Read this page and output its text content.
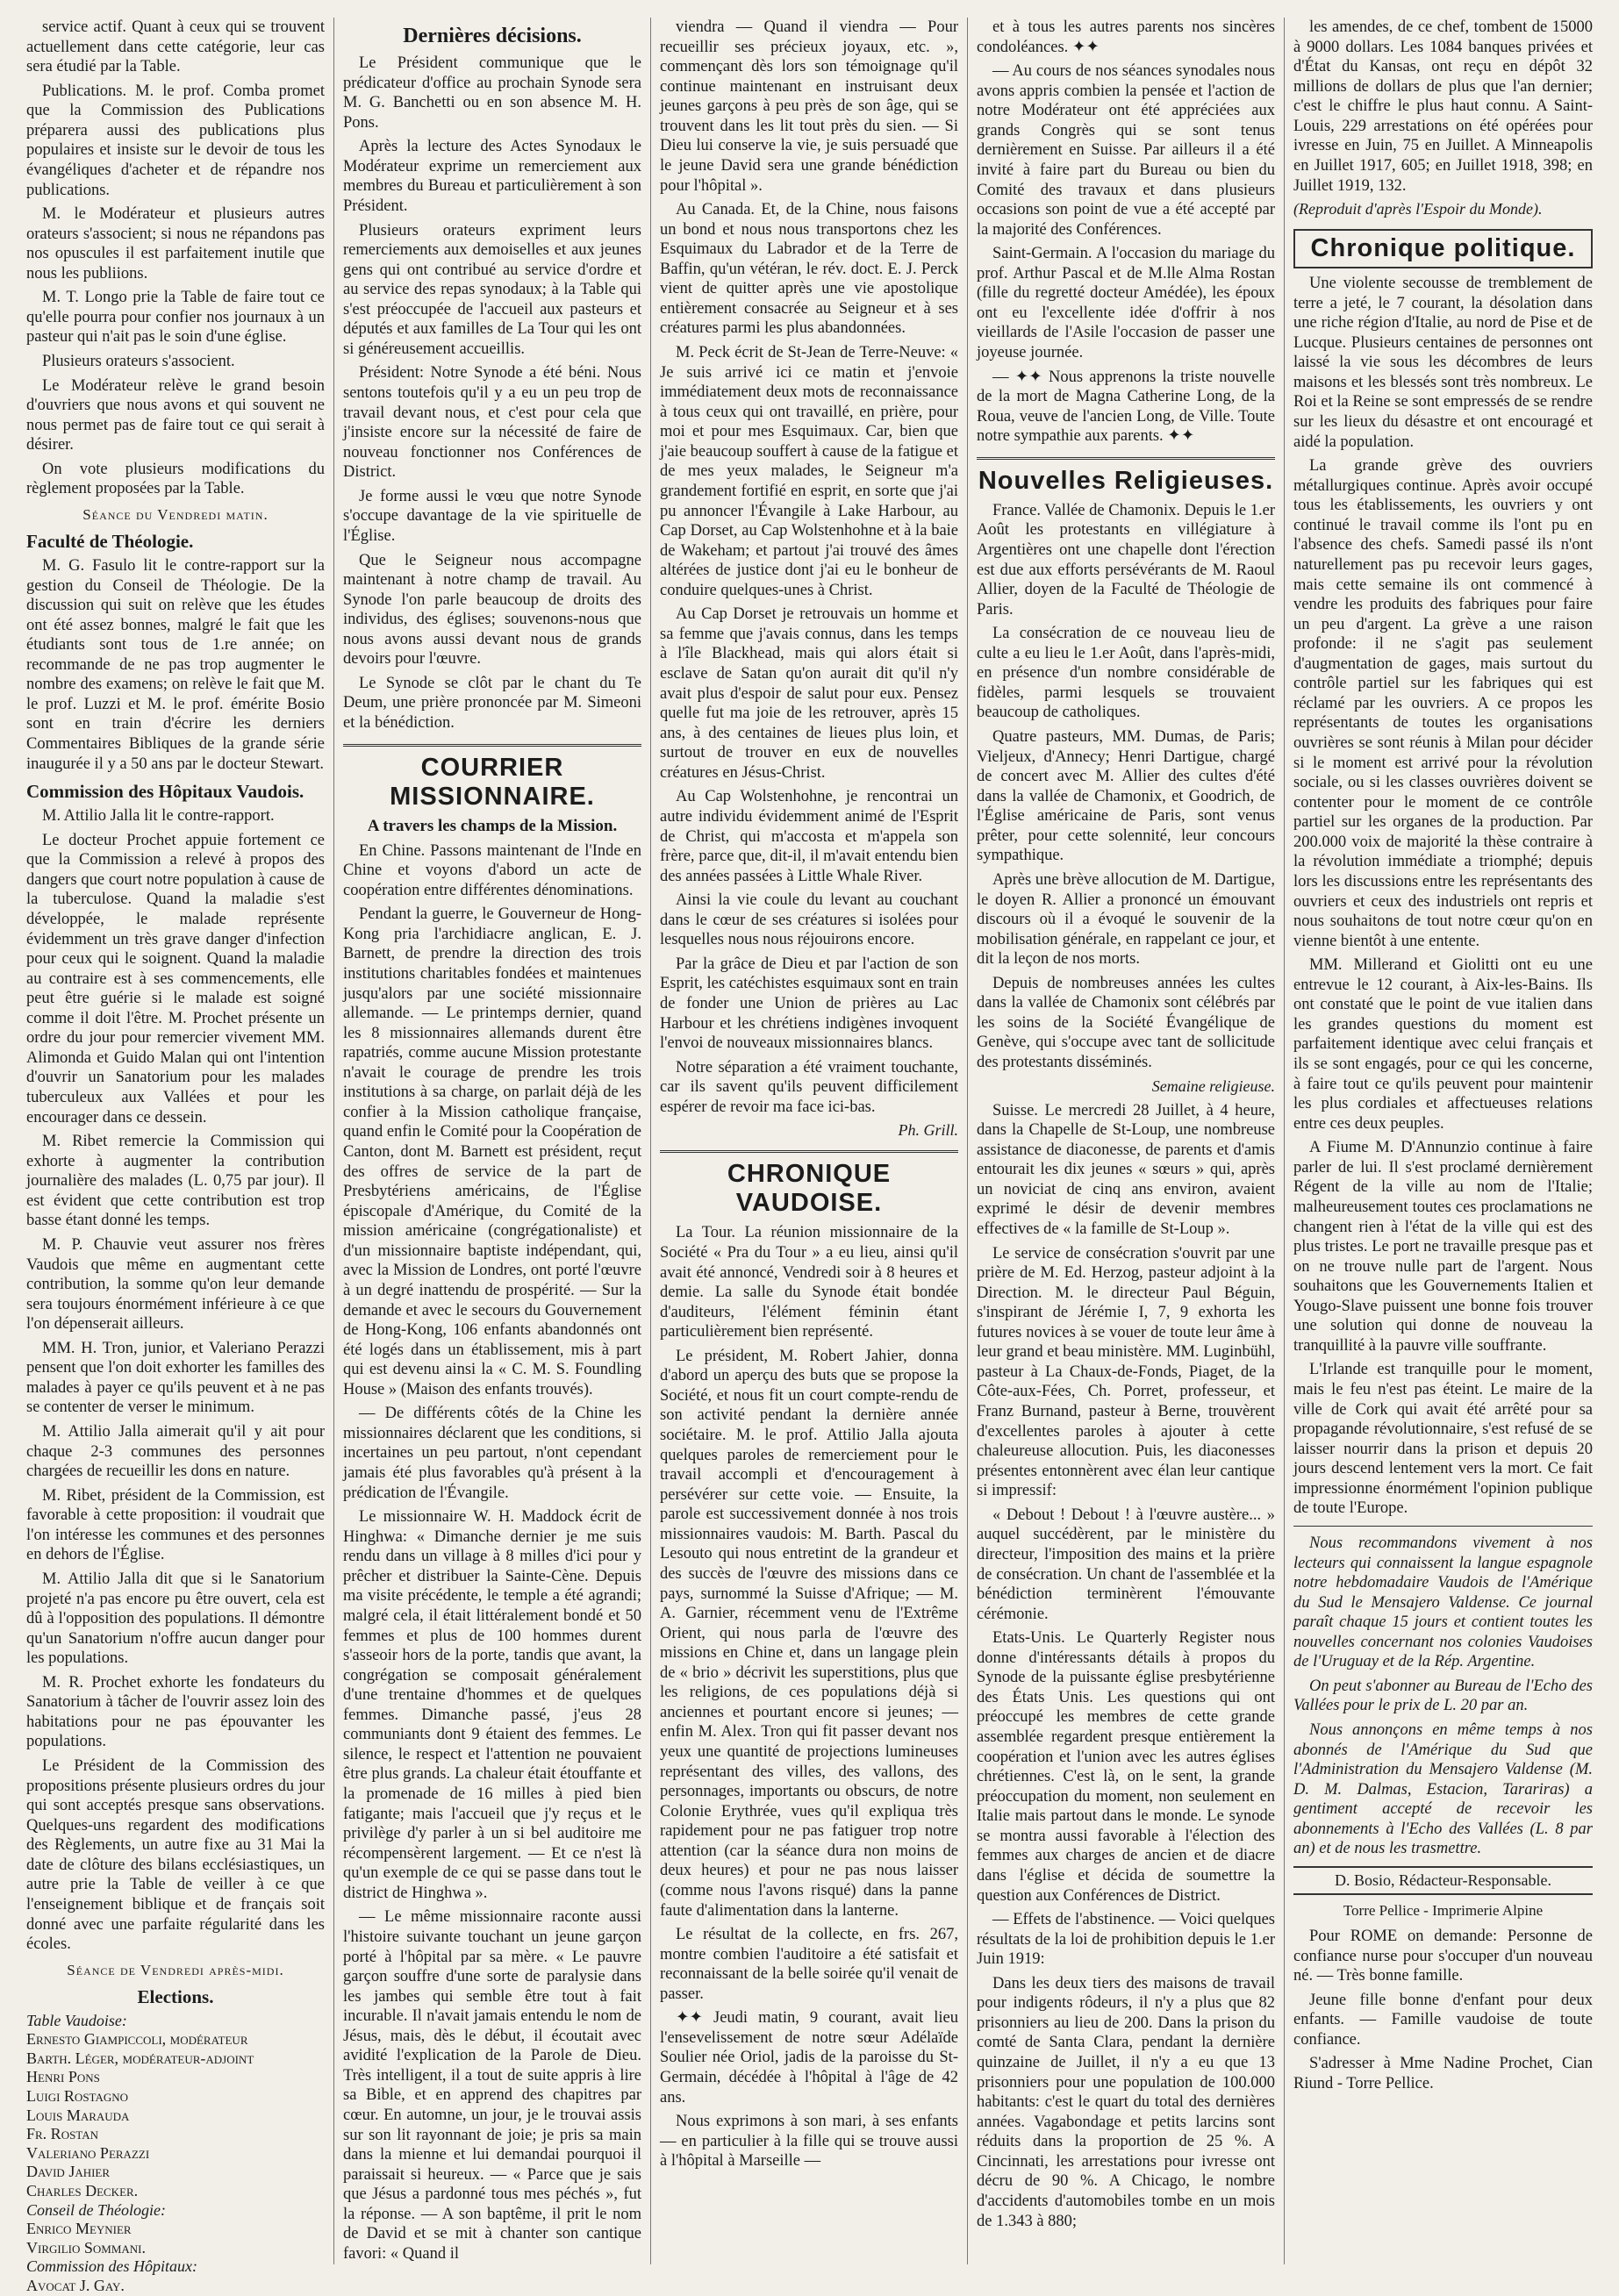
service actif. Quant à ceux qui se trouvent actuellement dans cette catégorie, leur cas sera étudié par la Table.

Publications. M. le prof. Comba promet que la Commission des Publications préparera aussi des publications plus populaires et insiste sur le devoir de tous les évangéliques d'acheter et de répandre nos publications.

M. le Modérateur et plusieurs autres orateurs s'associent; si nous ne répandons pas nos opuscules il est parfaitement inutile que nous les publiions.

M. T. Longo prie la Table de faire tout ce qu'elle pourra pour confier nos journaux à un pasteur qui n'ait pas le soin d'une église.

Plusieurs orateurs s'associent.

Le Modérateur relève le grand besoin d'ouvriers que nous avons et qui souvent ne nous permet pas de faire tout ce qui serait à désirer.

On vote plusieurs modifications du règlement proposées par la Table.

Séance du Vendredi matin.
Faculté de Théologie.

M. G. Fasulo lit le contre-rapport sur la gestion du Conseil de Théologie. De la discussion qui suit on relève que les études ont été assez bonnes, malgré le fait que les étudiants sont tous de 1.re année; on recommande de ne pas trop augmenter le nombre des examens; on relève le fait que M. le prof. Luzzi et M. le prof. émérite Bosio sont en train d'écrire les derniers Commentaires Bibliques de la grande série inaugurée il y a 50 ans par le docteur Stewart.

Commission des Hôpitaux Vaudois.

M. Attilio Jalla lit le contre-rapport.

Le docteur Prochet appuie fortement ce que la Commission a relevé à propos des dangers que court notre population à cause de la tuberculose. Quand la maladie s'est développée, le malade représente évidemment un très grave danger d'infection pour ceux qui le soignent. Quand la maladie au contraire est à ses commencements, elle peut être guérie si le malade est soigné comme il doit l'être. M. Prochet présente un ordre du jour pour remercier vivement MM. Alimonda et Guido Malan qui ont l'intention d'ouvrir un Sanatorium pour les malades tuberculeux aux Vallées et pour les encourager dans ce dessein.

M. Ribet remercie la Commission qui exhorte à augmenter la contribution journalière des malades (L. 0,75 par jour). Il est évident que cette contribution est trop basse étant donné les temps.

M. P. Chauvie veut assurer nos frères Vaudois que même en augmentant cette contribution, la somme qu'on leur demande sera toujours énormément inférieure à ce que l'on dépenserait ailleurs.

MM. H. Tron, junior, et Valeriano Perazzi pensent que l'on doit exhorter les familles des malades à payer ce qu'ils peuvent et à ne pas se contenter de verser le minimum.

M. Attilio Jalla aimerait qu'il y ait pour chaque 2-3 communes des personnes chargées de recueillir les dons en nature.

M. Ribet, président de la Commission, est favorable à cette proposition: il voudrait que l'on intéresse les communes et des personnes en dehors de l'Église.

M. Attilio Jalla dit que si le Sanatorium projeté n'a pas encore pu être ouvert, cela est dû à l'opposition des populations. Il démontre qu'un Sanatorium n'offre aucun danger pour les populations.

M. R. Prochet exhorte les fondateurs du Sanatorium à tâcher de l'ouvrir assez loin des habitations pour ne pas épouvanter les populations.

Le Président de la Commission des propositions présente plusieurs ordres du jour qui sont acceptés presque sans observations. Quelques-uns regardent des modifications des Règlements, un autre fixe au 31 Mai la date de clôture des bilans ecclésiastiques, un autre prie la Table de veiller à ce que l'enseignement biblique et de français soit donné avec une parfaite régularité dans les écoles.

Séance de Vendredi après-midi.
Elections.
Table Vaudoise:
Ernesto Giampiccoli, modérateur
Barth. Léger, modérateur-adjoint
Henri Pons
Luigi Rostagno
Louis Marauda
Fr. Rostan
Valeriano Perazzi
David Jahier
Charles Decker.
Conseil de Théologie:
Enrico Meynier
Virgilio Sommani.
Commission des Hôpitaux:
Avocat J. Gay.
Dernières décisions.

Le Président communique que le prédicateur d'office au prochain Synode sera M. G. Banchetti ou en son absence M. H. Pons.

Après la lecture des Actes Synodaux le Modérateur exprime un remerciement aux membres du Bureau et particulièrement à son Président.

Plusieurs orateurs expriment leurs remerciements aux demoiselles et aux jeunes gens qui ont contribué au service d'ordre et au service des repas synodaux; à la Table qui s'est préoccupée de l'accueil aux pasteurs et députés et aux familles de La Tour qui les ont si généreusement accueillis.

Président: Notre Synode a été béni. Nous sentons toutefois qu'il y a eu un peu trop de travail devant nous, et c'est pour cela que j'insiste encore sur la nécessité de faire de nouveau fonctionner nos Conférences de District.

Je forme aussi le vœu que notre Synode s'occupe davantage de la vie spirituelle de l'Église.

Que le Seigneur nous accompagne maintenant à notre champ de travail. Au Synode l'on parle beaucoup de droits des individus, des églises; souvenons-nous que nous avons aussi devant nous de grands devoirs pour l'œuvre.

Le Synode se clôt par le chant du Te Deum, une prière prononcée par M. Simeoni et la bénédiction.

COURRIER MISSIONNAIRE.
A travers les champs de la Mission.

En Chine. Passons maintenant de l'Inde en Chine et voyons d'abord un acte de coopération entre différentes dénominations.

Pendant la guerre, le Gouverneur de Hong-Kong pria l'archidiacre anglican, E. J. Barnett, de prendre la direction des trois institutions charitables fondées et maintenues jusqu'alors par une société missionnaire allemande. — Le printemps dernier, quand les 8 missionnaires allemands durent être rapatriés, comme aucune Mission protestante n'avait le courage de prendre les trois institutions à sa charge, on parlait déjà de les confier à la Mission catholique française, quand enfin le Comité pour la Coopération de Canton, dont M. Barnett est président, reçut des offres de service de la part de Presbytériens américains, de l'Église épiscopale d'Amérique, du Comité de la mission américaine (congrégationaliste) et d'un missionnaire baptiste indépendant, qui, avec la Mission de Londres, ont porté l'œuvre à un degré inattendu de prospérité. — Sur la demande et avec le secours du Gouvernement de Hong-Kong, 106 enfants abandonnés ont été logés dans un établissement, mis à part qui est devenu ainsi la « C. M. S. Foundling House » (Maison des enfants trouvés).

— De différents côtés de la Chine les missionnaires déclarent que les conditions, si incertaines un peu partout, n'ont cependant jamais été plus favorables qu'à présent à la prédication de l'Évangile.

Le missionnaire W. H. Maddock écrit de Hinghwa: « Dimanche dernier je me suis rendu dans un village à 8 milles d'ici pour y prêcher et distribuer la Sainte-Cène. Depuis ma visite précédente, le temple a été agrandi; malgré cela, il était littéralement bondé et 50 femmes et plus de 100 hommes durent s'asseoir hors de la porte, tandis que avant, la congrégation se composait généralement d'une trentaine d'hommes et de quelques femmes. Dimanche passé, j'eus 28 communiants dont 9 étaient des femmes. Le silence, le respect et l'attention ne pouvaient être plus grands. La chaleur était étouffante et la promenade de 16 milles à pied bien fatigante; mais l'accueil que j'y reçus et le privilège d'y parler à un si bel auditoire me récompensèrent largement. — Et ce n'est là qu'un exemple de ce qui se passe dans tout le district de Hinghwa ».

— Le même missionnaire raconte aussi l'histoire suivante touchant un jeune garçon porté à l'hôpital par sa mère. « Le pauvre garçon souffre d'une sorte de paralysie dans les jambes qui semble être tout à fait incurable. Il n'avait jamais entendu le nom de Jésus, mais, dès le début, il écoutait avec avidité l'explication de la Parole de Dieu. Très intelligent, il a tout de suite appris à lire sa Bible, et en apprend des chapitres par cœur. En automne, un jour, je le trouvai assis sur son lit rayonnant de joie; je pris sa main dans la mienne et lui demandai pourquoi il paraissait si heureux. — « Parce que je sais que Jésus a pardonné tous mes péchés », fut la réponse. — A son baptême, il prit le nom de David et se mit à chanter son cantique favori: « Quand il

viendra — Quand il viendra — Pour recueillir ses précieux joyaux, etc. », commençant dès lors son témoignage qu'il continue maintenant en instruisant deux jeunes garçons à peu près de son âge, qui se trouvent dans les lit tout près du sien. — Si Dieu lui conserve la vie, je suis persuadé que le jeune David sera une grande bénédiction pour l'hôpital ».

Au Canada. Et, de la Chine, nous faisons un bond et nous nous transportons chez les Esquimaux du Labrador et de la Terre de Baffin, qu'un vétéran, le rév. doct. E. J. Perck vient de quitter après une vie apostolique entièrement consacrée au Seigneur et à ses créatures parmi les plus abandonnées.

M. Peck écrit de St-Jean de Terre-Neuve: « Je suis arrivé ici ce matin et j'envoie immédiatement deux mots de reconnaissance à tous ceux qui ont travaillé, en prière, pour moi et pour mes Esquimaux. Car, bien que j'aie beaucoup souffert à cause de la fatigue et de mes yeux malades, le Seigneur m'a grandement fortifié en esprit, en sorte que j'ai pu annoncer l'Évangile à Lake Harbour, au Cap Dorset, au Cap Wolstenhohne et à la baie de Wakeham; et partout j'ai trouvé des âmes altérées de justice dont j'ai eu le bonheur de conduire quelques-unes à Christ.

Au Cap Dorset je retrouvais un homme et sa femme que j'avais connus, dans les temps à l'île Blackhead, mais qui alors était si esclave de Satan qu'on aurait dit qu'il n'y avait plus d'espoir de salut pour eux. Pensez quelle fut ma joie de les retrouver, après 15 ans, à des centaines de lieues plus loin, et surtout de trouver en eux de nouvelles créatures en Jésus-Christ.

Au Cap Wolstenhohne, je rencontrai un autre individu évidemment animé de l'Esprit de Christ, qui m'accosta et m'appela son frère, parce que, dit-il, il m'avait entendu bien des années passées à Little Whale River.

Ainsi la vie coule du levant au couchant dans le cœur de ses créatures si isolées pour lesquelles nous nous réjouirons encore.

Par la grâce de Dieu et par l'action de son Esprit, les catéchistes esquimaux sont en train de fonder une Union de prières au Lac Harbour et les chrétiens indigènes invoquent l'envoi de nouveaux missionnaires blancs.

Notre séparation a été vraiment touchante, car ils savent qu'ils peuvent difficilement espérer de revoir ma face ici-bas.

Ph. Grill.
CHRONIQUE VAUDOISE.

La Tour. La réunion missionnaire de la Société « Pra du Tour » a eu lieu, ainsi qu'il avait été annoncé, Vendredi soir à 8 heures et demie. La salle du Synode était bondée d'auditeurs, l'élément féminin étant particulièrement bien représenté.

Le président, M. Robert Jahier, donna d'abord un aperçu des buts que se propose la Société, et nous fit un court compte-rendu de son activité pendant la dernière année sociétaire. M. le prof. Attilio Jalla ajouta quelques paroles de remerciement pour le travail accompli et d'encouragement à persévérer sur cette voie. — Ensuite, la parole est successivement donnée à nos trois missionnaires vaudois: M. Barth. Pascal du Lesouto qui nous entretint de la grandeur et des succès de l'œuvre des missions dans ce pays, surnommé la Suisse d'Afrique; — M. A. Garnier, récemment venu de l'Extrême Orient, qui nous parla de l'œuvre des missions en Chine et, dans un langage plein de « brio » décrivit les superstitions, plus que les religions, de ces populations déjà si anciennes et pourtant encore si jeunes; — enfin M. Alex. Tron qui fit passer devant nos yeux une quantité de projections lumineuses représentant des villes, des vallons, des personnages, importants ou obscurs, de notre Colonie Erythrée, vues qu'il expliqua très rapidement pour ne pas fatiguer trop notre attention (car la séance dura non moins de deux heures) et pour ne pas nous laisser (comme nous l'avons risqué) dans la panne faute d'alimentation dans la lanterne.

Le résultat de la collecte, en frs. 267, montre combien l'auditoire a été satisfait et reconnaissant de la belle soirée qu'il venait de passer.

✦✦ Jeudi matin, 9 courant, avait lieu l'ensevelissement de notre sœur Adélaïde Soulier née Oriol, jadis de la paroisse du St-Germain, décédée à l'hôpital à l'âge de 42 ans.

Nous exprimons à son mari, à ses enfants — en particulier à la fille qui se trouve aussi à l'hôpital à Marseille —

et à tous les autres parents nos sincères condoléances. ✦✦

— Au cours de nos séances synodales nous avons appris combien la pensée et l'action de notre Modérateur ont été appréciées aux grands Congrès qui se sont tenus dernièrement en Suisse. Par ailleurs il a été invité à faire part du Bureau ou bien du Comité des travaux et dans plusieurs occasions son point de vue a été accepté par la majorité des Conférences.

Saint-Germain. A l'occasion du mariage du prof. Arthur Pascal et de M.lle Alma Rostan (fille du regretté docteur Amédée), les époux ont eu l'excellente idée d'offrir à nos vieillards de l'Asile l'occasion de passer une joyeuse journée.

— ✦✦ Nous apprenons la triste nouvelle de la mort de Magna Catherine Long, de la Roua, veuve de l'ancien Long, de Ville. Toute notre sympathie aux parents. ✦✦

Nouvelles Religieuses.

France. Vallée de Chamonix. Depuis le 1.er Août les protestants en villégiature à Argentières ont une chapelle dont l'érection est due aux efforts persévérants de M. Raoul Allier, doyen de la Faculté de Théologie de Paris.

La consécration de ce nouveau lieu de culte a eu lieu le 1.er Août, dans l'après-midi, en présence d'un nombre considérable de fidèles, parmi lesquels se trouvaient beaucoup de catholiques.

Quatre pasteurs, MM. Dumas, de Paris; Vieljeux, d'Annecy; Henri Dartigue, chargé de concert avec M. Allier des cultes d'été dans la vallée de Chamonix, et Goodrich, de l'Église américaine de Paris, sont venus prêter, pour cette solennité, leur concours sympathique.

Après une brève allocution de M. Dartigue, le doyen R. Allier a prononcé un émouvant discours où il a évoqué le souvenir de la mobilisation générale, en rappelant ce jour, et dit la leçon de nos morts.

Depuis de nombreuses années les cultes dans la vallée de Chamonix sont célébrés par les soins de la Société Évangélique de Genève, qui s'occupe avec tant de sollicitude des protestants disséminés.

Semaine religieuse.

Suisse. Le mercredi 28 Juillet, à 4 heure, dans la Chapelle de St-Loup, une nombreuse assistance de diaconesse, de parents et d'amis entourait les dix jeunes « sœurs » qui, après un noviciat de cinq ans environ, avaient exprimé le désir de devenir membres effectives de « la famille de St-Loup ».

Le service de consécration s'ouvrit par une prière de M. Ed. Herzog, pasteur adjoint à la Direction. M. le directeur Paul Béguin, s'inspirant de Jérémie I, 7, 9 exhorta les futures novices à se vouer de toute leur âme à leur grand et beau ministère. MM. Luginbühl, pasteur à La Chaux-de-Fonds, Piaget, de la Côte-aux-Fées, Ch. Porret, professeur, et Franz Burnand, pasteur à Berne, trouvèrent d'excellentes paroles à ajouter à cette chaleureuse allocution. Puis, les diaconesses présentes entonnèrent avec élan leur cantique si impressif:

« Debout ! Debout ! à l'œuvre austère... » auquel succédèrent, par le ministère du directeur, l'imposition des mains et la prière de consécration. Un chant de l'assemblée et la bénédiction terminèrent l'émouvante cérémonie.

Etats-Unis. Le Quarterly Register nous donne d'intéressants détails à propos du Synode de la puissante église presbytérienne des États Unis. Les questions qui ont préoccupé les membres de cette grande assemblée regardent presque entièrement la coopération et l'union avec les autres églises chrétiennes. C'est là, on le sent, la grande préoccupation du moment, non seulement en Italie mais partout dans le monde. Le synode se montra aussi favorable à l'élection des femmes aux charges de ancien et de diacre dans l'église et décida de soumettre la question aux Conférences de District.

— Effets de l'abstinence. — Voici quelques résultats de la loi de prohibition depuis le 1.er Juin 1919:

Dans les deux tiers des maisons de travail pour indigents rôdeurs, il n'y a plus que 82 prisonniers au lieu de 200. Dans la prison du comté de Santa Clara, pendant la dernière quinzaine de Juillet, il n'y a eu que 13 prisonniers pour une population de 100.000 habitants: c'est le quart du total des dernières années. Vagabondage et petits larcins sont réduits dans la proportion de 25 %. A Cincinnati, les arrestations pour ivresse ont décru de 90 %. A Chicago, le nombre d'accidents d'automobiles tombe en un mois de 1.343 à 880;

les amendes, de ce chef, tombent de 15000 à 9000 dollars. Les 1084 banques privées et d'État du Kansas, ont reçu en dépôt 32 millions de dollars de plus que l'an dernier; c'est le chiffre le plus haut connu. A Saint-Louis, 229 arrestations on été opérées pour ivresse en Juin, 75 en Juillet. A Minneapolis en Juillet 1917, 605; en Juillet 1918, 398; en Juillet 1919, 132.

(Reproduit d'après l'Espoir du Monde).
Chronique politique.

Une violente secousse de tremblement de terre a jeté, le 7 courant, la désolation dans une riche région d'Italie, au nord de Pise et de Lucque. Plusieurs centaines de personnes ont laissé la vie sous les décombres de leurs maisons et les blessés sont très nombreux. Le Roi et la Reine se sont empressés de se rendre sur les lieux du désastre et ont encouragé et aidé la population.

La grande grève des ouvriers métallurgiques continue. Après avoir occupé tous les établissements, les ouvriers y ont continué le travail comme ils l'ont pu en l'absence des chefs. Samedi passé ils n'ont naturellement pas pu recevoir leurs gages, mais cette semaine ils ont commencé à vendre les produits des fabriques pour faire un peu d'argent. La grève a une raison profonde: il ne s'agit pas seulement d'augmentation de gages, mais surtout du contrôle partiel sur les fabriques qui est réclamé par les ouvriers. A ce propos les représentants de toutes les organisations ouvrières se sont réunis à Milan pour décider si le moment est arrivé pour la révolution sociale, ou si les classes ouvrières doivent se contenter pour le moment de ce contrôle partiel sur les organes de la production. Par 200.000 voix de majorité la thèse contraire à la révolution immédiate a triomphé; depuis lors les discussions entre les représentants des ouvriers et ceux des industriels ont repris et nous souhaitons de tout notre cœur qu'on en vienne bientôt à une entente.

MM. Millerand et Giolitti ont eu une entrevue le 12 courant, à Aix-les-Bains. Ils ont constaté que le point de vue italien dans les grandes questions du moment est parfaitement identique avec celui français et ils se sont engagés, pour ce qui les concerne, à faire tout ce qu'ils peuvent pour maintenir les plus cordiales et affectueuses relations entre ces deux peuples.

A Fiume M. D'Annunzio continue à faire parler de lui. Il s'est proclamé dernièrement Régent de la ville au nom de l'Italie; malheureusement toutes ces proclamations ne changent rien à l'état de la ville qui est des plus tristes. Le port ne travaille presque pas et on ne trouve nulle part de l'argent. Nous souhaitons que les Gouvernements Italien et Yougo-Slave puissent une bonne fois trouver une solution qui donne de nouveau la tranquillité à la pauvre ville souffrante.

L'Irlande est tranquille pour le moment, mais le feu n'est pas éteint. Le maire de la ville de Cork qui avait été arrêté pour sa propagande révolutionnaire, s'est refusé de se laisser nourrir dans la prison et depuis 20 jours descend lentement vers la mort. Ce fait impressionne énormément l'opinion publique de toute l'Europe.

Nous recommandons vivement à nos lecteurs qui connaissent la langue espagnole notre hebdomadaire Vaudois de l'Amérique du Sud le Mensajero Valdense. Ce journal paraît chaque 15 jours et contient toutes les nouvelles concernant nos colonies Vaudoises de l'Uruguay et de la Rép. Argentine.

On peut s'abonner au Bureau de l'Echo des Vallées pour le prix de L. 20 par an.

Nous annonçons en même temps à nos abonnés de l'Amérique du Sud que l'Administration du Mensajero Valdense (M. D. M. Dalmas, Estacion, Tarariras) a gentiment accepté de recevoir les abonnements à l'Echo des Vallées (L. 8 par an) et de nous les trasmettre.

D. Bosio, Rédacteur-Responsable.
Torre Pellice - Imprimerie Alpine

Pour ROME on demande: Personne de confiance nurse pour s'occuper d'un nouveau né. — Très bonne famille.

Jeune fille bonne d'enfant pour deux enfants. — Famille vaudoise de toute confiance.

S'adresser à Mme Nadine Prochet, Cian Riund - Torre Pellice.
